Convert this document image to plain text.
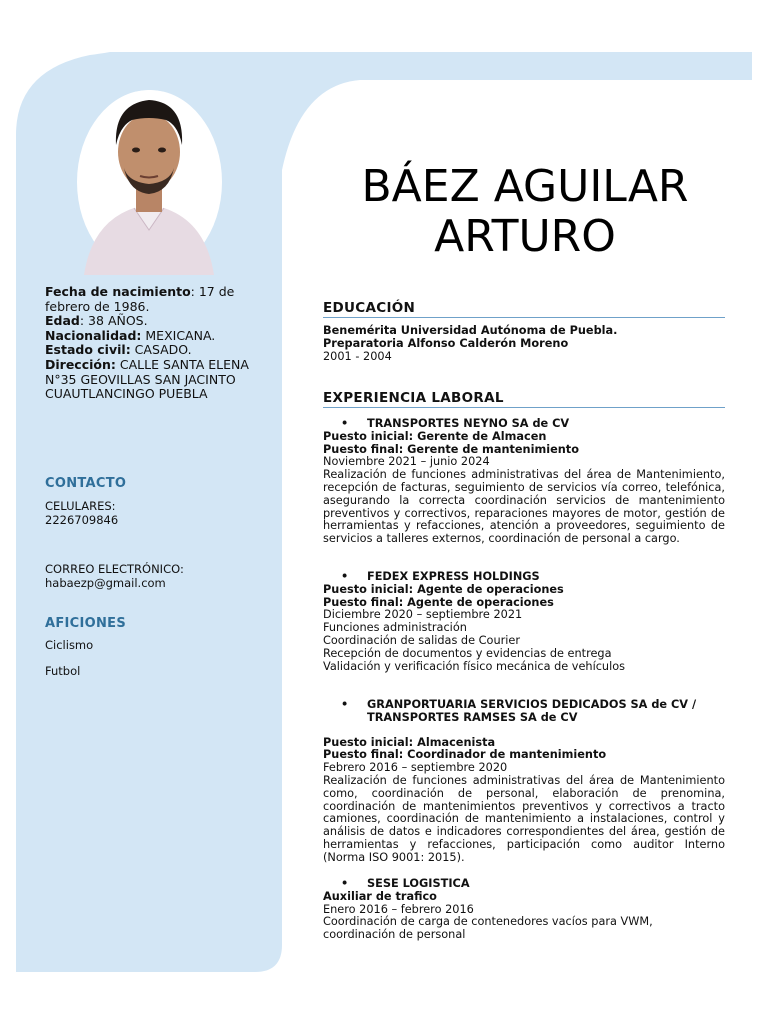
Fecha de nacimiento: 17 de febrero de 1986.
Edad: 38 AÑOS.
Nacionalidad: MEXICANA.
Estado civil: CASADO.
Dirección: CALLE SANTA ELENA N°35 GEOVILLAS SAN JACINTO CUAUTLANCINGO PUEBLA
CONTACTO
CELULARES:
2226709846
CORREO ELECTRÓNICO:
habaezp@gmail.com
AFICIONES
Ciclismo
Futbol
BÁEZ AGUILAR
ARTURO
EDUCACIÓN
Benemérita Universidad Autónoma de Puebla.
Preparatoria Alfonso Calderón Moreno
2001 - 2004
EXPERIENCIA LABORAL
• TRANSPORTES NEYNO SA de CV
Puesto inicial: Gerente de Almacen
Puesto final: Gerente de mantenimiento
Noviembre 2021 – junio 2024
Realización de funciones administrativas del área de Mantenimiento, recepción de facturas, seguimiento de servicios vía correo, telefónica, asegurando la correcta coordinación servicios de mantenimiento preventivos y correctivos, reparaciones mayores de motor, gestión de herramientas y refacciones, atención a proveedores, seguimiento de servicios a talleres externos, coordinación de personal a cargo.
• FEDEX EXPRESS HOLDINGS
Puesto inicial: Agente de operaciones
Puesto final: Agente de operaciones
Diciembre 2020 – septiembre 2021
Funciones administración
Coordinación de salidas de Courier
Recepción de documentos y evidencias de entrega
Validación y verificación físico mecánica de vehículos
• GRANPORTUARIA SERVICIOS DEDICADOS SA de CV /
TRANSPORTES RAMSES SA de CV
Puesto inicial: Almacenista
Puesto final: Coordinador de mantenimiento
Febrero 2016 – septiembre 2020
Realización de funciones administrativas del área de Mantenimiento como, coordinación de personal, elaboración de prenomina, coordinación de mantenimientos preventivos y correctivos a tracto camiones, coordinación de mantenimiento a instalaciones, control y análisis de datos e indicadores correspondientes del área, gestión de herramientas y refacciones, participación como auditor Interno (Norma ISO 9001: 2015).
• SESE LOGISTICA
Auxiliar de trafico
Enero 2016 – febrero 2016
Coordinación de carga de contenedores vacíos para VWM,
coordinación de personal
